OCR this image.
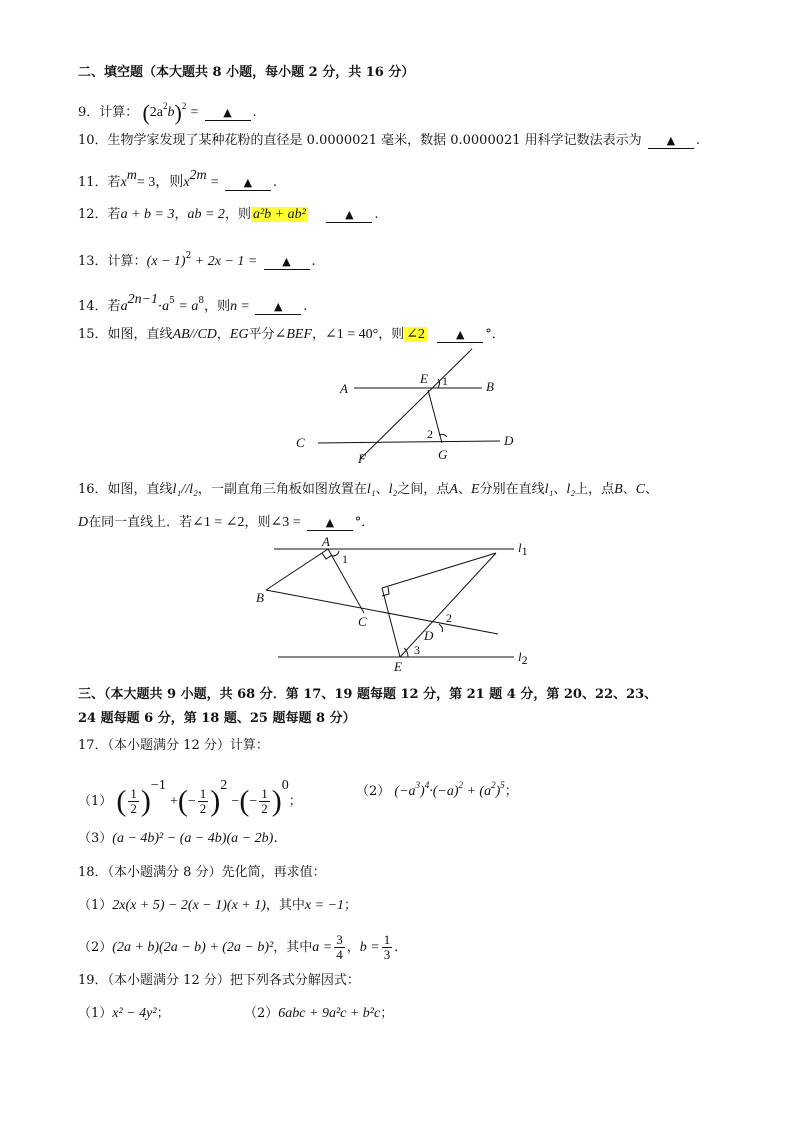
二、填空题（本大题共 8 小题，每小题 2 分，共 16 分）
9．计算： $(2a^2b)^2$ = ▲ .
10．生物学家发现了某种花粉的直径是 0.0000021 毫米，数据 0.0000021 用科学记数法表示为 ▲ .
11．若$x^m= 3$，则$x^{2m}$ = ▲ .
12．若a + b = 3，ab = 2，则 a²b + ab²	▲ .
13．计算：$(x - 1)^2 + 2x - 1$ = ▲ .
14．若$a^{2n-1}\cdot a^5 = a^8$，则n = ▲ .
15．如图，直线AB//CD，EG平分∠BEF，∠1 = 40°，则 ∠2	▲ °．
A	B
C	D
E
F	G
1
2
16．如图，直线l₁//l₂，一副直角三角板如图放置在l₁、l₂之间，点A、E分别在直线l₁、l₂上，点B、C、
D在同一直线上．若∠1 = ∠2，则∠3 = ▲ °．
A
B
C
D
E
l1
l2
1
2
3
三、（本大题共 9 小题，共 68 分．第 17、19 题每题 12 分，第 21 题 4 分，第 20、22、23、
24 题每题 6 分，第 18 题、25 题每题 8 分）
17．（本小题满分 12 分）计算：
（1） ( $\frac{1}{2} )^{-1}$ +(− $\frac{1}{2} )^2$ −(− $\frac{1}{2} )^0$；
（2） $(-a^3)^4\cdot(-a)^2 + (a^2)^5$；
（3）(a − 4b)² − (a − 4b)(a − 2b)．
18．（本小题满分 8 分）先化简，再求值：
（1）2x(x + 5) − 2(x − 1)(x + 1)，其中x = −1；
（2）(2a + b)(2a − b) + (2a − b)²，其中$a = \frac{3}{4}$ ，$b = \frac{1}{3}$ ．
19．（本小题满分 12 分）把下列各式分解因式：
（1）x² − 4y²；	（2）6abc + 9a²c + b²c；
